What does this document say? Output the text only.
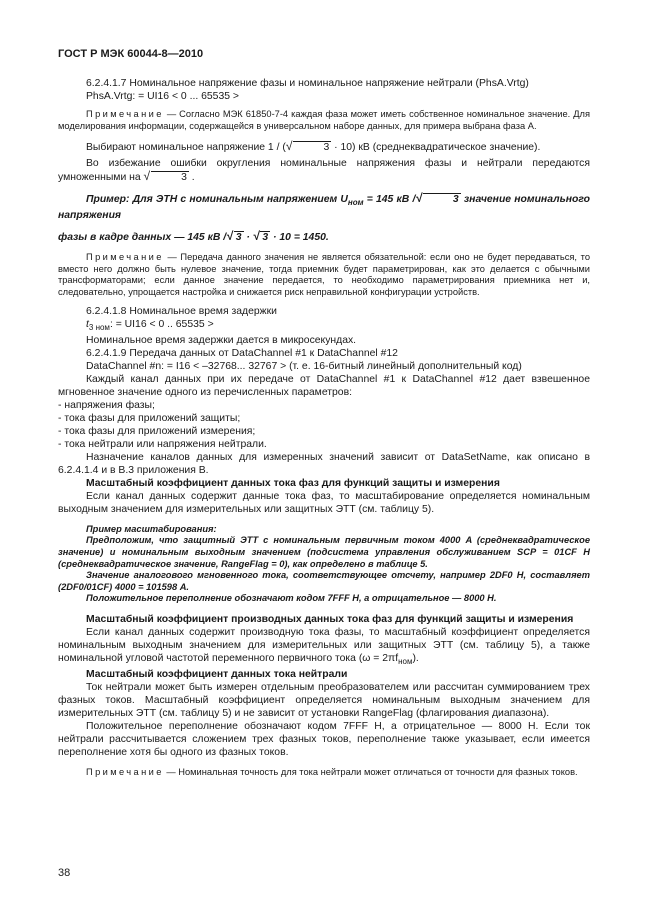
ГОСТ Р МЭК 60044-8—2010

6.2.4.1.7 Номинальное напряжение фазы и номинальное напряжение нейтрали (PhsA.Vrtg)

PhsA.Vrtg: = UI16 < 0 ... 65535 >

Примечание — Согласно МЭК 61850-7-4 каждая фаза может иметь собственное номинальное значение. Для моделирования информации, содержащейся в универсальном наборе данных, для примера выбрана фаза A.

Выбирают номинальное напряжение 1 / (√	3 · 10) кВ (среднеквадратическое значение).

Во избежание ошибки округления номинальные напряжения фазы и нейтрали передаются умноженными на √	3 .

Пример: Для ЭТН с номинальным напряжением $U_{ном} = 145$ кВ /√	3 значение номинального напряжения

фазы в кадре данных — 145 кВ /√ 3 · √ 3 · 10 = 1450.

Примечание — Передача данного значения не является обязательной: если оно не будет передаваться, то вместо него должно быть нулевое значение, тогда приемник будет параметрирован, как это делается с обычными трансформаторами; если данное значение передается, то необходимо параметрирования приемника нет и, следовательно, упрощается настройка и снижается риск неправильной конфигурации устройств.

6.2.4.1.8 Номинальное время задержки

$t_{3 ном}$: = UI16 < 0 .. 65535 >

Номинальное время задержки дается в микросекундах.

6.2.4.1.9 Передача данных от DataChannel #1 к DataChannel #12

DataChannel #n: = I16 < –32768... 32767 > (т. е. 16-битный линейный дополнительный код)

Каждый канал данных при их передаче от DataChannel #1 к DataChannel #12 дает взвешенное мгновенное значение одного из перечисленных параметров:

- напряжения фазы;

- тока фазы для приложений защиты;

- тока фазы для приложений измерения;

- тока нейтрали или напряжения нейтрали.

Назначение каналов данных для измеренных значений зависит от DataSetName, как описано в 6.2.4.1.4 и в B.3 приложения B.

Масштабный коэффициент данных тока фаз для функций защиты и измерения

Если канал данных содержит данные тока фаз, то масштабирование определяется номинальным выходным значением для измерительных или защитных ЭТТ (см. таблицу 5).

Пример масштабирования:

Предположим, что защитный ЭТТ с номинальным первичным током 4000 A (среднеквадратическое значение) и номинальным выходным значением (подсистема управления обслуживанием SCP = 01CF H (среднеквадратическое значение, RangeFlag = 0), как определено в таблице 5.

Значение аналогового мгновенного тока, соответствующее отсчету, например 2DF0 H, составляет (2DF0/01CF) 4000 = 101598 A.

Положительное переполнение обозначают кодом 7FFF H, а отрицательное — 8000 H.

Масштабный коэффициент производных данных тока фаз для функций защиты и измерения

Если канал данных содержит производную тока фазы, то масштабный коэффициент определяется номинальным выходным значением для измерительных или защитных ЭТТ (см. таблицу 5), а также номинальной угловой частотой переменного первичного тока $(\omega = 2\pi f_{ном})$.

Масштабный коэффициент данных тока нейтрали

Ток нейтрали может быть измерен отдельным преобразователем или рассчитан суммированием трех фазных токов. Масштабный коэффициент определяется номинальным выходным значением для измерительных ЭТТ (см. таблицу 5) и не зависит от установки RangeFlag (флагирования диапазона).

Положительное переполнение обозначают кодом 7FFF H, а отрицательное — 8000 H. Если ток нейтрали рассчитывается сложением трех фазных токов, переполнение также указывает, если имеется переполнение хотя бы одного из фазных токов.

Примечание — Номинальная точность для тока нейтрали может отличаться от точности для фазных токов.

38
